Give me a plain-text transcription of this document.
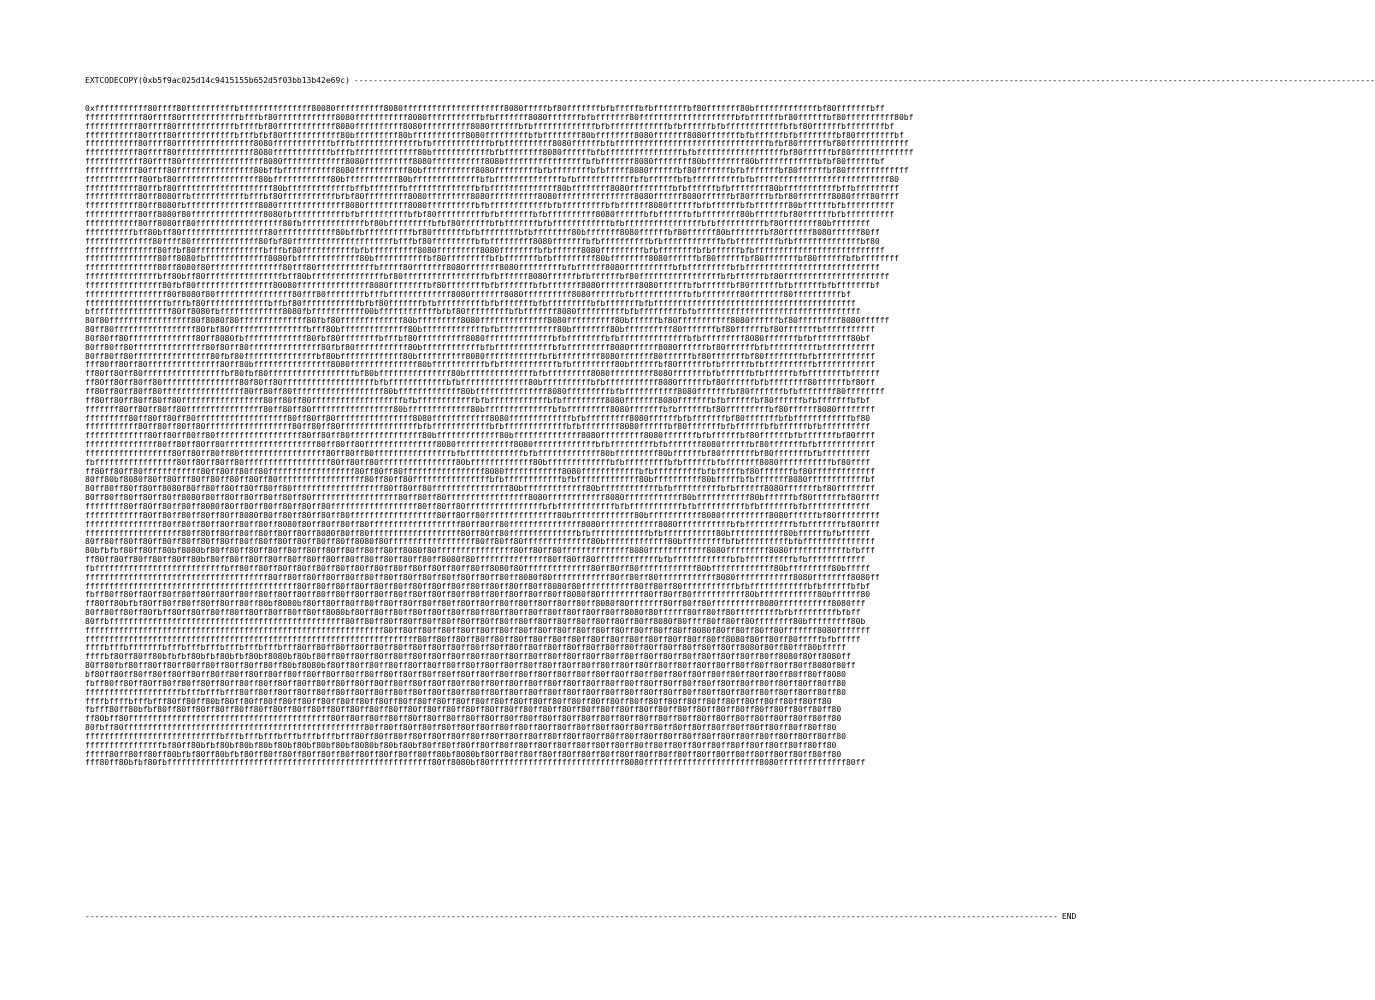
EXTCODECOPY(0xb5f9ac025d14c9415155b652d5f03bb13b42e69c) --------------------------------------------------------------------------------------------------------------------------------------------------------------------------------------------------------------------
0xfffffffffff80ffff80ffffffffffbfffffffffffffff80080ffffffffff8080fffffffffffffffffffff8080fffffbf80fffffffbfbfffffbfbfffffffbf80fffffff80bfffffffffffffbf80fffffffbff
ffffffffffff80ffff80ffffffffffffbfffbf80ffffffffffff8080fffffffffff8080fffffffffffbfbfffffff8080fffffffbfbfffffff80ffffffffffffffffffffbfbffffffbf80ffffffbf80ffffffffff80bf
fffffffffff80ffff80ffffffffffffbffffbf80ffffffffffff8080ffffffffff8080ffffffffff8080ffffffbfbfffffffffffffbfbffffffffffffbfbffffffbfbffffffffffffbfbf80ffffffbffffffffbf
fffffffffff80ffff80ffffffffffffbfffbfbf80ffffffffffff80bfffffffff80bfffffffffff8080fffffffffbfbffffffff80bffffffff8080fffffff8080fffffffbfbffffffbfbffffffffbf80ffffffffbf
fffffffffff80ffff80ffffffffffffffff8080ffffffffffffbfffbfffffffffffffbfbffffffffffffbfbffffffffff8080ffffffbfbffffffffffffffffffffffffffffffffbfbf80ffffffbf80fffffffffffff
fffffffffff80ffff80ffffffffffffffff8080ffffffffffffbfffbfffffffffffff80bffffffffffffbfbffffffff8080ffffffbfbffffffffffffffffbfbffffffffffffffffffbf80ffffffbf80fffffffffffff
ffffffffffff80ffff80fffffffffffffffff8080fffffffffffff8080ffffffffff8080fffffffffff8080fffffffffffffffffbfbfffffff8080ffffffff80bffffffff80bffffffffffffbfbf80ffffffbf
fffffffffff80ffff80ffffffffffffffff80bffbfffffffffff8080fffffffffff80bfffffffffff8080fffffffffbfbffffffffbfbfffff8080ffffffbf80fffffffbfbfffffffbf80ffffffbf80fffffffffffff
ffffffffffff80fbf80fffffffffffffffff80bffffffffffff80bfffffffffff80bffffffffffffffbfbffffffffffffffbfbffffffffffffbfbffffffbfbffffffffffbfbffffffffffffffffffffffffffff80
fffffffffff80ffbf80ffffffffffffffffffff80bfffffffffffffbffbfffffffbffffffffffffffbfbffffffffffffff80bffffffff8080fffffffffbfbffffffbfbffffffff80bfffffffffffbffbfffffffff
fffffffffff80ff8080ffbfffffffffffbfffbf80fffffffffffbfbf80fffffffff8080fffffffff8080ffffffffff8080ffffffffffffffff8080ffffff8080ffffffbf80ffffbfbf80fffffff8080ffff80ffff
fffffffffff80ff8080fbfffffffffffffff8080ffffffffffffff8080fffffffff8080ffffffffffbfbffffffffffffbfbfffffffffbfbffffff8080ffffffbfbffffffbfbfffffff80bffffffbfbffffffffff
fffffffffff80ff8080f80fffffffffffffff8080fbfffffffffffbfbffffffffffbfbf80ffffffffffbfbfffffffbfbffffffffff8080ffffffbfbffffffbfbffffffff80bffffffbf80ffffffbfbffffffffff
fffffffffff80ff8080ff80ffffffffffffffffff80fbfffffffffffffbf80bfffffffffbfbf80ffffffbfbfffffffbfbffffffffffffbfbffffffffffffffffbfbffffffffffbf80fffffff80bffffffff
ffffffffffbff80bff80ffffffffffffffffff80ffffffffffff80bffbffffffffffbf80fffffffbfbffffffffbfbffffffff80bfffffff8080ffffffbf80ffffff80bfffffffbf80ffffff8080ffffff80ff
ffffffffffffff80ffff80ffffffffffffff80fbf80fffffffffffffffffffffbfffbf80fffffffffbfbfffffffff8080fffffffbfbffffffffffbfbffffffffffffbfbfffffffffbfbffffffffffffffbf80
fffffffffffffff80ffbf80ffffffffffffffbfffbf80fffffffffffbfbffffffffff8080fffffffff8080ffffffffbfbffffff8080fffffffffbfbffffffffbfbffffffbfbfffffffffffffffffffffffffff
fffffffffffffff80ff8080fbfffffffffffff8080fbfffffffffffff80bfffffffffffbf80fffffffffbfbfffffffbfbfffffffff80bffffffff8080ffffffbf80ffffffbf80fffffffbf80ffffffbfbffffffff
fffffffffffffff80ff8080f80fffffffffffffff80fff80ffffffffffffbfffff80fffffff8080fffffff8080fffffffffbfbffffff8080ffffffffffbfbfffffffffbfbffffffffffffffffffffffffffff
fffffffffffffffbff80bff80ffffffffffffffffbff80bfffffffffffffffbf80fffffffffffffffffbfbffffff8080ffffffbfbffffffbf80fffffffffffffffffbfbffffffbf80ffffffffffffffffffffff
ffffffffffffffff80fbf80ffffffffffffffff80080fffffffffffffff8080ffffffffbf80ffffffffbfbfffffffbfbfffffff8080ffffffff8080ffffffbfbffffffbf80ffffffbfbffffffbfbfffffffbf
fffffffffffffffff80f8080f80ffffffffffffffff80fff80ffffffffbfffbfffffffffffff8080fffffff8080ffffffffff8080ffffffbfbfffffffffffbfbffffffff80fffffff80ffffffffffbf
fffffffffffffffffbfffbf80fffffffffffffbffbf80ffffffffffffbfbf80fffffffbfbffffffffffbfbfffffffbfbfffffffffbfbfffffffbfbffffffffffffffffffffffffffffffffffffffffff
bfffffffffffffffff80ff8080fbfffffffffffff8080fbfffffffffff00bffffffffffffbfbf80fffffffffbfbfffffff8080ffffffffffbfbfffffffffbfbffffffffffffffffffffffffffffffffff
80f80fffffffffffffffff80f8080f80ffffffffffffff80fbf80fffffffffffff80bfffffffff8080ffffffffffffff8080ffffffffff80bffffffbf80fffffffffff8080ffffffbf80fffffffff8080ffffff
80ff80fffffffffffffffff80fbf80ffffffffffffffffbfff80bffffffffffffff80bfffffffffffffbfbffffffffffff80bffffffff80bffffffffff80fffffffbf80ffffffbf80fffffffbfffffffffff
80f80ff80ffffffffffffff80ff8080fbfffffffffffff80fbf80ffffffffbfffbf80ffffffffff8080ffffffffffffffbfbffffffffbfbffffffffffffffbfbfffffffff8080fffffffbfbffffffff80bf
80ff80ff80fffffffffffffff80f80ff80fffffffffffffff80fbf80fffffffffff80bffffffffffffbfbffffffffffffbfbfffffffff8080ffffff8080ffffffbf80ffffffbfbffffffffffbfffffffffff
80ff80ff80ffffffffffffffff80fbf80fffffffffffffffbf80bfffffffffffff80bffffffffff8080ffffffffffffbfbfffffffff8080fffffff80ffffffbf80fffffffbf80ffffffffbfbffffffffffff
fff80ff80ff80fffffffffffffff80ff80bffffffffffffffff8080ffffffffffffff80bfffffffffffbfbffffffffffffbfbfffffffff80bffffffbf80ffffffbfbffffffbfbffffffffffbffffffffffff
ff80ff80ff80fffffffffffffffffbf80fbf80ffffffffffffffffffbf80bfffffffffffffff80bffffffffffffffbfbfffffffff8080fffffffff8080fffffffbfbffffffbfbffffffbfbffffffffbffffff
ff80ff80ff80ff80ffffffffffffffff80f80ff80fffffffffffffffffffbfbffffffffffffbfbffffffffffffff80bffffffffffbfbfffffffffff8080ffffffbf80ffffffbfbffffffff80ffffffbf80ff
ff80ff80ff80ff80fffffffffffffffff80ff80ff80fffffffffffffffffff80bfffffffffffff80bfffffffffffffff8080fffffffffbfbfffffffffff8080fffffffbf80fffffffbfbffffffff80ffffffff
ff80ff80ff80ff80ff80fffffffffffffffff80ff80ff80fffffffffffffffffffbfbffffffffffffbfbffffffffffffbfbfffffffff8080fffffff8080fffffffbfbffffffbf80ffffffbfbfffffffbfbf
fffffff80ff80ff80ff80ffffffffffffffff80ff80ff80fffffffffffffffff80bfffffffffffff80bffffffffffffffbfbfffffffff8080fffffffbfbffffffbf80fffffffffbf80ffffff8080ffffffff
fffffffff80ff80ff80ff80fffffffffffffffffff80ff80ff80ffffffffffffffff8080ffffffffffff8080fffffffffffffbfbfffffffff8080ffffffbfbfffffffbf80fffffffbfbffffffffffffbf80
fffffffffff80ff80ff80ff80ffffffffffffffffff80ff80ff80ffffffffffffffffbfbffffffffffffbfbfffffffffffffbfbffffffff8080ffffffbf80fffffffbfbffffffbfbffffffbfbffffffffff
fffffffffffff80ff80ff80ff80ffffffffffffffffff80ff80ff80fffffffffffffff80bfffffffffffff80bffffffffffffff8080fffffffff8080fffffffbfbffffffbf80ffffffbfbfffffffbf80ffff
fffffffffffffff80ff80ff80ff80fffffffffffffffffff80ff80ff80fffffffffffffff8080ffffffffffff8080fffffffffffffbfbfffffffffbfbfffffff8080ffffffbf80fffffffbfbffffffffffff
ffffffffffffffffff80ff80ff80ff80ffffffffffffffffff80ff80ff80ffffffffffffffffbfbffffffffffffbfbfffffffffffff80bfffffffff80bffffffbf80fffffffbf80fffffffbfbffffffffff
fbfffffffffffffffff80ff80ff80ff80ffffffffffffffffff80ff80ff80ffffffffffffffff80bfffffffffffff80bfffffffffffffbfbfffffffffbfbffffffbfbfffffff8080fffffffffffbf80ffff
ff80ff80ff80ffffffffffff80ff80ff80ff80ffffffffffffffffff80ff80ff80fffffffffffffffff8080ffffffffffff8080ffffffffffffbfbffffffffffbfbfffffbf80fffffffbf80fffffffffffff
80ff80bf8080f80ff80fff80ff80ff80ff80ff80ffffffffffffffffff80ff80ff80ffffffffffffffffbfbffffffffffffbfbfffffffffffff80bffffffffff80bfffffbfbfffffff8080ffffffffffffbf
80ff80ff80ff80ff8080f80ff80ff80ff80ff80ff80fffffffffffffffffff80ff80ff80ffffffffffffffff80bfffffffffffff80bffffffffffffbfbffffffffffbfbffffff8080fffffffbf80ffffffff
80ff80ff80ff80ff80ff8080f80ff80ff80ff80ff80ff80ffffffffffffffffff80ff80ff80fffffffffffffffff8080ffffffffffff8080ffffffffffff80bfffffffffff80bffffffbf80ffffffbf80ffff
ffffffff80ff80ff80ff80ff8080f80ff80ff80ff80ff80ff80ffffffffffffffffff80ff80ff80ffffffffffffffffbfbffffffffffffbfbfffffffffffbfbffffffffffbfbfffffffbfbfffffffffffff
ffffffffffff80ff80ff80ff80ff80ff8080f80ff80ff80ff80ff80ffffffffffffffffff80ff80ff80fffffffffffffff80bfffffffffffff80bfffffffffff8080ffffffffff8080ffffffbf80fffffffff
ffffffffffffffff80ff80ff80ff80ff80ff80ff8080f80ff80ff80ff80fffffffffffffffffff80ff80ff80fffffffffffffff8080ffffffffffff8080fffffffffffbfbffffffffffbfbfffffffbf80ffff
ffffffffffffffffffff80ff80ff80ff80ff80ff80ff80ff8080f80ff80fffffffffffffffffff80ff80ff80ffffffffffffffbfbffffffffffffbfbfffffffffff80bfffffffffff80bffffffbfbffffff
80ff80ff80ff80ff80ff80ff80ff80ff80ff80ff80ff80ff80ff80ff8080f80ffffffffffffffffff80ff80ff80ffffffffffffff80bfffffffffffff80bfffffffffbfbffffffffffbfbfffffffffffffff
80bfbfbf80ff80ff80bf8080bf80ff80ff80ff80ff80ff80ff80ff80ff80ff80ff8080f80ffffffffffffffff80ff80ff80ffffffffffffff8080ffffffffffff8080fffffffff8080ffffffffffffbfbfff
ff80ff80ff80ff80ff80ff80bf80ff80ff80ff80ff80ff80ff80ff80ff80ff80ff80ff80ff8080f80fffffffffffffff80ff80ff80fffffffffffffbfbffffffffffffbfbffffffffffbfbffffffffffff
fbfffffffffffffffffffffffffffbff80ff80ff80ff80ff80ff80ff80ff80ff80ff80ff80ff80ff80ff8080f80ffffffffffffff80ff80ff80ffffffffffff80bfffffffffffff80bfffffffff80bfffff
ffffffffffffffffffffffffffffffffffffff80ff80ff80ff80ff80ff80ff80ff80ff80ff80ff80ff80ff80ff8080f80ffffffffffff80ff80ff80ffffffffffff8080ffffffffffff8080ffffffff8080ff
ffffffffffffffffffffffffffffffffffffffffffff80ff80ff80ff80ff80ff80ff80ff80ff80ff80ff80ff80ff80ff8080f80fffffffffff80ff80ff80fffffffffffbfbffffffffffffbfbffffffbfbf
fbff80ff80ff80ff80ff80ff80ff80ff80ff80ff80ff80ff80ff80ff80ff80ff80ff80ff80ff80ff80ff80ff80ff80ff80ff8080f80fffffffff80ff80ff80fffffffffff80bffffffffffff80bffffff80
ff80ff80bfbf80ff80ff80ff80ff80ff80ff80bf8080bf80ff80ff80ff80ff80ff80ff80ff80ff80ff80ff80ff80ff80ff80ff80ff8080f80fffffff80ff80ff80ffffffffff8080fffffffffff8080fff
80ff80ff80ff80fbff80ff80ff80ff80ff80ff80ff80ff80ff8080bf80ff80ff80ff80ff80ff80ff80ff80ff80ff80ff80ff80ff80ff80ff8080f80ffffff80ff80ff80fffffffffbfbfffffffffbfbff
80ffbfffffffffffffffffffffffffffffffffffffffffffffffff80ff80ff80ff80ff80ff80ff80ff80ff80ff80ff80ff80ff80ff80ff80ff80ff8080f80ffff80ff80ff80ffffffff80bfffffffff80b
ffffffffffffffffffffffffffffffffffffffffffffffffffffffffffffff80ff80ff80ff80ff80ff80ff80ff80ff80ff80ff80ff80ff80ff80ff80ff80ff8080f80ff80ff80ff80fffffff8080fffffff
fffffffffffffffffffffffffffffffffffffffffffffffffffffffffffffffffffff80ff80ff80ff80ff80ff80ff80ff80ff80ff80ff80ff80ff80ff80ff80ff80ff8080f80ff80ff80fffffbfbfffff
ffffbfffbfffffffbfffbfffbfffbfffbfffbfffbfff80ff80ff80ff80ff80ff80ff80ff80ff80ff80ff80ff80ff80ff80ff80ff80ff80ff80ff80ff80ff80ff80ff80ff8080f80ff80fff80bfffff
ffffbf80ff80ff80bfbfbf80bfbf80bfbf80bf8080bf80bf80ff80ff80ff80ff80ff80ff80ff80ff80ff80ff80ff80ff80ff80ff80ff80ff80ff80ff80ff80ff80ff80ff80ff80ff8080f80ff8080ff
80ff80fbf80ff80ff80ff80ff80ff80ff80ff80ff80bf8080bf80ff80ff80ff80ff80ff80ff80ff80ff80ff80ff80ff80ff80ff80ff80ff80ff80ff80ff80ff80ff80ff80ff80ff80ff80ff8080f80ff
bf80ff80ff80ff80ff80ff80ff80ff80ff80ff80ff80ff80ff80ff80ff80ff80ff80ff80ff80ff80ff80ff80ff80ff80ff80ff80ff80ff80ff80ff80ff80ff80ff80ff80ff80ff80ff80ff80ff8080
fbff80ff80ff80ff80ff80ff80ff80ff80ff80ff80ff80ff80ff80ff80ff80ff80ff80ff80ff80ff80ff80ff80ff80ff80ff80ff80ff80ff80ff80ff80ff80ff80ff80ff80ff80ff80ff80ff80ff80
ffffffffffffffffffffbfffbfffbfff80ff80ff80ff80ff80ff80ff80ff80ff80ff80ff80ff80ff80ff80ff80ff80ff80ff80ff80ff80ff80ff80ff80ff80ff80ff80ff80ff80ff80ff80ff80ff80
ffffbffffbfffbfff80ff80ff80bf80ff80ff80ff80ff80ff80ff80ff80ff80ff80ff80ff80ff80ff80ff80ff80ff80ff80ff80ff80ff80ff80ff80ff80ff80ff80ff80ff80ff80ff80ff80ff80
fbfff80ff80bfbf80ff80ff80ff80ff80ff80ff80ff80ff80ff80ff80ff80ff80ff80ff80ff80ff80ff80ff80ff80ff80ff80ff80ff80ff80ff80ff80ff80ff80ff80ff80ff80ff80ff80ff80ff80
ff80bff80ffffffffffffffffffffffffffffffffffffffffff80ff80ff80ff80ff80ff80ff80ff80ff80ff80ff80ff80ff80ff80ff80ff80ff80ff80ff80ff80ff80ff80ff80ff80ff80ff80ff80
80fbff80ffffffffffffffffffffffffffffffffffffffffffffffffff80ff80ff80ff80ff80ff80ff80ff80ff80ff80ff80ff80ff80ff80ff80ff80ff80ff80ff80ff80ff80ff80ff80ff80ff80
ffffffffffffffffffffffffffffbfffbfffbfffbfffbfffbfffbfff80ff80ff80ff80ff80ff80ff80ff80ff80ff80ff80ff80ff80ff80ff80ff80ff80ff80ff80ff80ff80ff80ff80ff80ff80ff80
ffffffffffffffffbf80ff80bfbf80bf80bf80bf80bf80bf80bf80bf8080bf80bf80bf80ff80ff80ff80ff80ff80ff80ff80ff80ff80ff80ff80ff80ff80ff80ff80ff80ff80ff80ff80ff80ff80
fffff80ff80ff80ff80bfbf80ff80bfbf80ff80ff80ff80ff80ff80ff80ff80ff80ff80ff80bf8080bf80ff80ff80ff80ff80ff80ff80ff80ff80ff80ff80ff80ff80ff80ff80ff80ff80ff80ff80
fff80ff80bfbf80fbfffffffffffffffffffffffffffffffffffffffffffffffffffffff80ff8080bf80ffffffffffffffffffffffffffff8080ffffffffffffffffffffffff8080ffffffffffffff80ff
---------------------------------------------------------------------------------------------------------------------------------------------------------------------------------------------------------- END
